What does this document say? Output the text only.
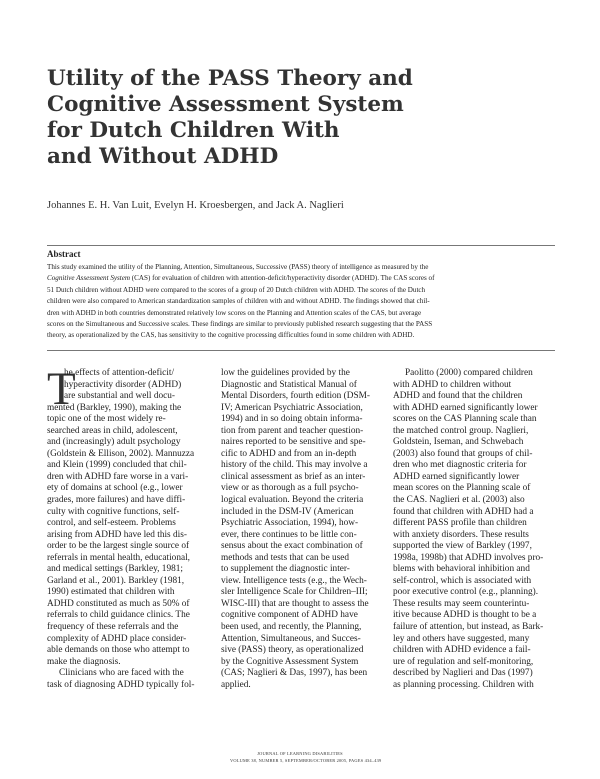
Utility of the PASS Theory and
Cognitive Assessment System
for Dutch Children With
and Without ADHD
Johannes E. H. Van Luit, Evelyn H. Kroesbergen, and Jack A. Naglieri
Abstract
This study examined the utility of the Planning, Attention, Simultaneous, Successive (PASS) theory of intelligence as measured by the
Cognitive Assessment System (CAS) for evaluation of children with attention-deficit/hyperactivity disorder (ADHD). The CAS scores of
51 Dutch children without ADHD were compared to the scores of a group of 20 Dutch children with ADHD. The scores of the Dutch
children were also compared to American standardization samples of children with and without ADHD. The findings showed that chil-
dren with ADHD in both countries demonstrated relatively low scores on the Planning and Attention scales of the CAS, but average
scores on the Simultaneous and Successive scales. These findings are similar to previously published research suggesting that the PASS
theory, as operationalized by the CAS, has sensitivity to the cognitive processing difficulties found in some children with ADHD.
T
he effects of attention-deficit/
hyperactivity disorder (ADHD)
are substantial and well docu-
mented (Barkley, 1990), making the
topic one of the most widely re-
searched areas in child, adolescent,
and (increasingly) adult psychology
(Goldstein & Ellison, 2002). Mannuzza
and Klein (1999) concluded that chil-
dren with ADHD fare worse in a vari-
ety of domains at school (e.g., lower
grades, more failures) and have diffi-
culty with cognitive functions, self-
control, and self-esteem. Problems
arising from ADHD have led this dis-
order to be the largest single source of
referrals in mental health, educational,
and medical settings (Barkley, 1981;
Garland et al., 2001). Barkley (1981,
1990) estimated that children with
ADHD constituted as much as 50% of
referrals to child guidance clinics. The
frequency of these referrals and the
complexity of ADHD place consider-
able demands on those who attempt to
make the diagnosis.
Clinicians who are faced with the
task of diagnosing ADHD typically fol-
low the guidelines provided by the
Diagnostic and Statistical Manual of
Mental Disorders, fourth edition (DSM-
IV; American Psychiatric Association,
1994) and in so doing obtain informa-
tion from parent and teacher question-
naires reported to be sensitive and spe-
cific to ADHD and from an in-depth
history of the child. This may involve a
clinical assessment as brief as an inter-
view or as thorough as a full psycho-
logical evaluation. Beyond the criteria
included in the DSM-IV (American
Psychiatric Association, 1994), how-
ever, there continues to be little con-
sensus about the exact combination of
methods and tests that can be used
to supplement the diagnostic inter-
view. Intelligence tests (e.g., the Wech-
sler Intelligence Scale for Children–III;
WISC-III) that are thought to assess the
cognitive component of ADHD have
been used, and recently, the Planning,
Attention, Simultaneous, and Succes-
sive (PASS) theory, as operationalized
by the Cognitive Assessment System
(CAS; Naglieri & Das, 1997), has been
applied.
Paolitto (2000) compared children
with ADHD to children without
ADHD and found that the children
with ADHD earned significantly lower
scores on the CAS Planning scale than
the matched control group. Naglieri,
Goldstein, Iseman, and Schwebach
(2003) also found that groups of chil-
dren who met diagnostic criteria for
ADHD earned significantly lower
mean scores on the Planning scale of
the CAS. Naglieri et al. (2003) also
found that children with ADHD had a
different PASS profile than children
with anxiety disorders. These results
supported the view of Barkley (1997,
1998a, 1998b) that ADHD involves pro-
blems with behavioral inhibition and
self-control, which is associated with
poor executive control (e.g., planning).
These results may seem counterintu-
itive because ADHD is thought to be a
failure of attention, but instead, as Bark-
ley and others have suggested, many
children with ADHD evidence a fail-
ure of regulation and self-monitoring,
described by Naglieri and Das (1997)
as planning processing. Children with
JOURNAL OF LEARNING DISABILITIES
VOLUME 38, NUMBER 5, SEPTEMBER/OCTOBER 2005, PAGES 434–439
